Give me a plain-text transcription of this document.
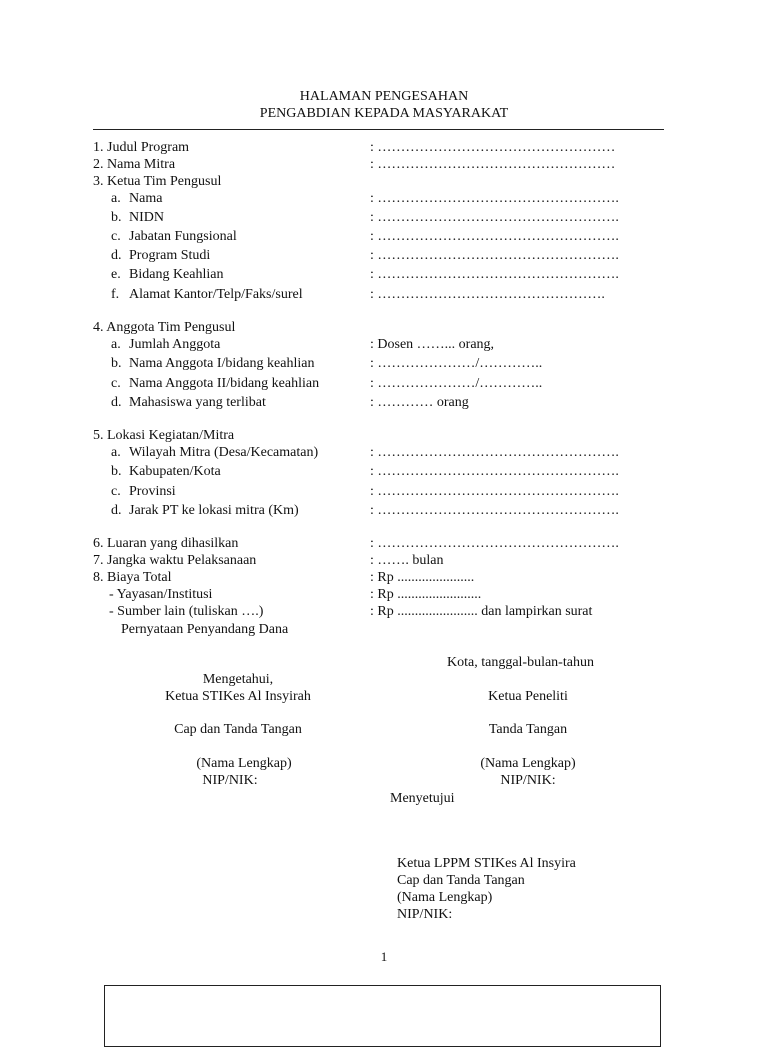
HALAMAN PENGESAHAN
PENGABDIAN KEPADA MASYARAKAT
1. Judul Program	: ……………………………………………
2. Nama Mitra	: ……………………………………………
3. Ketua Tim Pengusul
a. Nama	: …………………………………………….
b. NIDN	: …………………………………………….
c. Jabatan Fungsional	: …………………………………………….
d. Program Studi	: …………………………………………….
e. Bidang Keahlian	: …………………………………………….
f. Alamat Kantor/Telp/Faks/surel	: ………………………………………….
4. Anggota Tim Pengusul
a. Jumlah Anggota	: Dosen ……... orang,
b. Nama Anggota I/bidang keahlian	: …………………/…………..
c. Nama Anggota II/bidang keahlian	: …………………/…………..
d. Mahasiswa yang terlibat	: ………… orang
5. Lokasi Kegiatan/Mitra
a. Wilayah Mitra (Desa/Kecamatan)	: …………………………………………….
b. Kabupaten/Kota	: …………………………………………….
c. Provinsi	: …………………………………………….
d. Jarak PT ke lokasi mitra (Km)	: …………………………………………….
6. Luaran yang dihasilkan	: …………………………………………….
7. Jangka waktu Pelaksanaan	: ……. bulan
8. Biaya Total	: Rp ......................
- Yayasan/Institusi	: Rp ........................
- Sumber lain (tuliskan ….)	: Rp ....................... dan lampirkan surat
Pernyataan Penyandang Dana
Kota, tanggal-bulan-tahun
Mengetahui,
Ketua STIKes Al Insyirah
Cap dan Tanda Tangan
(Nama Lengkap)
NIP/NIK:
Ketua Peneliti
Tanda Tangan
(Nama Lengkap)
NIP/NIK:
Menyetujui
Ketua LPPM STIKes Al Insyira
Cap dan Tanda Tangan
(Nama Lengkap)
NIP/NIK:
1
